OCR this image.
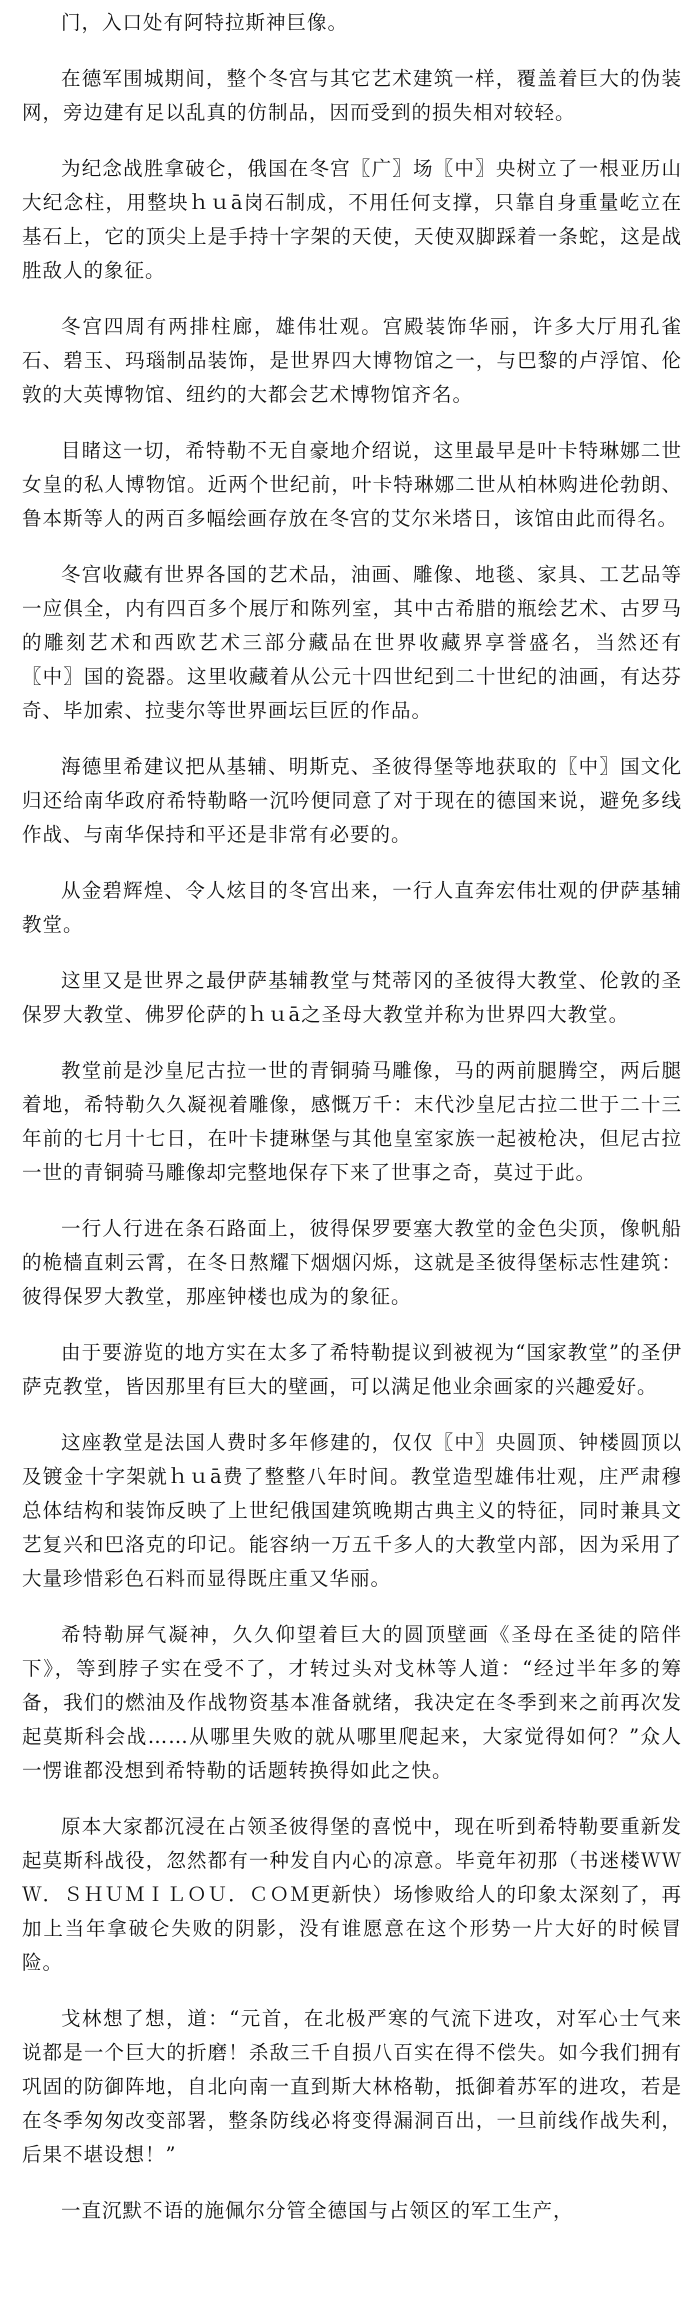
门，入口处有阿特拉斯神巨像。

在德军围城期间，整个冬宫与其它艺术建筑一样，覆盖着巨大的伪装网，旁边建有足以乱真的仿制品，因而受到的损失相对较轻。

为纪念战胜拿破仑，俄国在冬宫〖广〗场〖中〗央树立了一根亚历山大纪念柱，用整块ｈｕā岗石制成，不用任何支撑，只靠自身重量屹立在基石上，它的顶尖上是手持十字架的天使，天使双脚踩着一条蛇，这是战胜敌人的象征。

冬宫四周有两排柱廊，雄伟壮观。宫殿装饰华丽，许多大厅用孔雀石、碧玉、玛瑙制品装饰，是世界四大博物馆之一，与巴黎的卢浮馆、伦敦的大英博物馆、纽约的大都会艺术博物馆齐名。

目睹这一切，希特勒不无自豪地介绍说，这里最早是叶卡特琳娜二世女皇的私人博物馆。近两个世纪前，叶卡特琳娜二世从柏林购进伦勃朗、鲁本斯等人的两百多幅绘画存放在冬宫的艾尔米塔日，该馆由此而得名。

冬宫收藏有世界各国的艺术品，油画、雕像、地毯、家具、工艺品等一应俱全，内有四百多个展厅和陈列室，其中古希腊的瓶绘艺术、古罗马的雕刻艺术和西欧艺术三部分藏品在世界收藏界享誉盛名，当然还有〖中〗国的瓷器。这里收藏着从公元十四世纪到二十世纪的油画，有达芬奇、毕加索、拉斐尔等世界画坛巨匠的作品。

海德里希建议把从基辅、明斯克、圣彼得堡等地获取的〖中〗国文化归还给南华政府希特勒略一沉吟便同意了对于现在的德国来说，避免多线作战、与南华保持和平还是非常有必要的。

从金碧辉煌、令人炫目的冬宫出来，一行人直奔宏伟壮观的伊萨基辅教堂。

这里又是世界之最伊萨基辅教堂与梵蒂冈的圣彼得大教堂、伦敦的圣保罗大教堂、佛罗伦萨的ｈｕā之圣母大教堂并称为世界四大教堂。

教堂前是沙皇尼古拉一世的青铜骑马雕像，马的两前腿腾空，两后腿着地，希特勒久久凝视着雕像，感慨万千：末代沙皇尼古拉二世于二十三年前的七月十七日，在叶卡捷琳堡与其他皇室家族一起被枪决，但尼古拉一世的青铜骑马雕像却完整地保存下来了世事之奇，莫过于此。

一行人行进在条石路面上，彼得保罗要塞大教堂的金色尖顶，像帆船的桅樯直刺云霄，在冬日熬耀下烟烟闪烁，这就是圣彼得堡标志性建筑：彼得保罗大教堂，那座钟楼也成为的象征。

由于要游览的地方实在太多了希特勒提议到被视为“国家教堂”的圣伊萨克教堂，皆因那里有巨大的壁画，可以满足他业余画家的兴趣爱好。

这座教堂是法国人费时多年修建的，仅仅〖中〗央圆顶、钟楼圆顶以及镀金十字架就ｈｕā费了整整八年时间。教堂造型雄伟壮观，庄严肃穆总体结构和装饰反映了上世纪俄国建筑晚期古典主义的特征，同时兼具文艺复兴和巴洛克的印记。能容纳一万五千多人的大教堂内部，因为采用了大量珍惜彩色石料而显得既庄重又华丽。

希特勒屏气凝神，久久仰望着巨大的圆顶壁画《圣母在圣徒的陪伴下》，等到脖子实在受不了，才转过头对戈林等人道：“经过半年多的筹备，我们的燃油及作战物资基本准备就绪，我决定在冬季到来之前再次发起莫斯科会战……从哪里失败的就从哪里爬起来，大家觉得如何？”众人一愣谁都没想到希特勒的话题转换得如此之快。

原本大家都沉浸在占领圣彼得堡的喜悦中，现在听到希特勒要重新发起莫斯科战役，忽然都有一种发自内心的凉意。毕竟年初那（书迷楼ＷＷＷ．ＳＨＵＭＩＬＯＵ．ＣＯＭ更新快）场惨败给人的印象太深刻了，再加上当年拿破仑失败的阴影，没有谁愿意在这个形势一片大好的时候冒险。

戈林想了想，道：“元首，在北极严寒的气流下进攻，对军心士气来说都是一个巨大的折磨！杀敌三千自损八百实在得不偿失。如今我们拥有巩固的防御阵地，自北向南一直到斯大林格勒，抵御着苏军的进攻，若是在冬季匆匆改变部署，整条防线必将变得漏洞百出，一旦前线作战失利，后果不堪设想！”

一直沉默不语的施佩尔分管全德国与占领区的军工生产，
